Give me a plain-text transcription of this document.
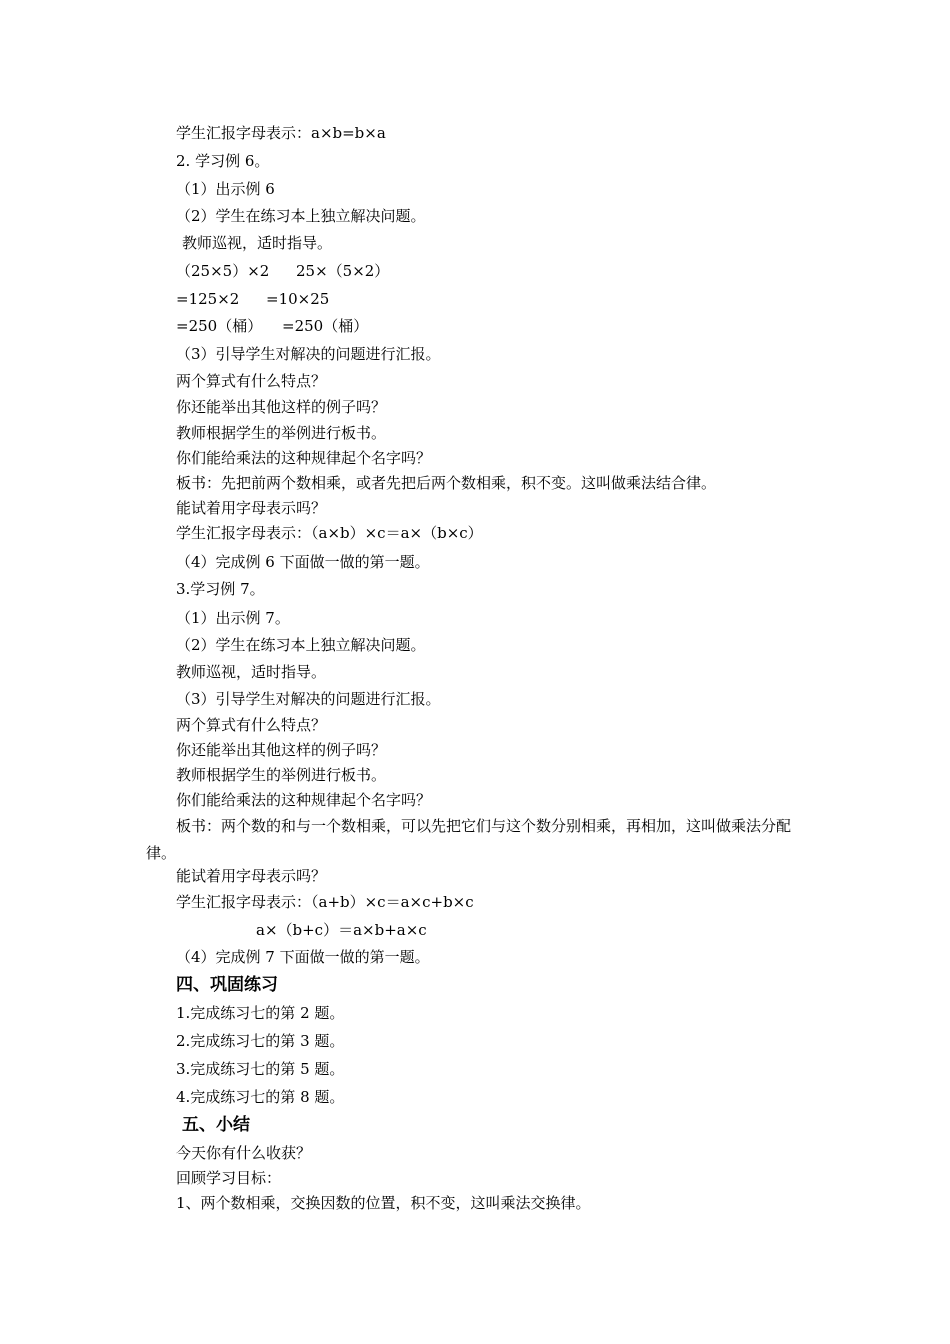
学生汇报字母表示：a×b=b×a
2. 学习例 6。
（1）出示例 6
（2）学生在练习本上独立解决问题。
教师巡视，适时指导。
（25×5）×2 25×（5×2）
=125×2 =10×25
=250（桶） =250（桶）
（3）引导学生对解决的问题进行汇报。
两个算式有什么特点？
你还能举出其他这样的例子吗？
教师根据学生的举例进行板书。
你们能给乘法的这种规律起个名字吗？
板书：先把前两个数相乘，或者先把后两个数相乘，积不变。这叫做乘法结合律。
能试着用字母表示吗？
学生汇报字母表示：（a×b）×c＝a×（b×c）
（4）完成例 6 下面做一做的第一题。
3.学习例 7。
（1）出示例 7。
（2）学生在练习本上独立解决问题。
教师巡视，适时指导。
（3）引导学生对解决的问题进行汇报。
两个算式有什么特点？
你还能举出其他这样的例子吗？
教师根据学生的举例进行板书。
你们能给乘法的这种规律起个名字吗？
板书：两个数的和与一个数相乘，可以先把它们与这个数分别相乘，再相加，这叫做乘法分配律。
能试着用字母表示吗？
学生汇报字母表示：（a+b）×c＝a×c+b×c
a×（b+c）＝a×b+a×c
（4）完成例 7 下面做一做的第一题。
四、巩固练习
1.完成练习七的第 2 题。
2.完成练习七的第 3 题。
3.完成练习七的第 5 题。
4.完成练习七的第 8 题。
五、小结
今天你有什么收获？
回顾学习目标：
1、两个数相乘，交换因数的位置，积不变，这叫乘法交换律。
